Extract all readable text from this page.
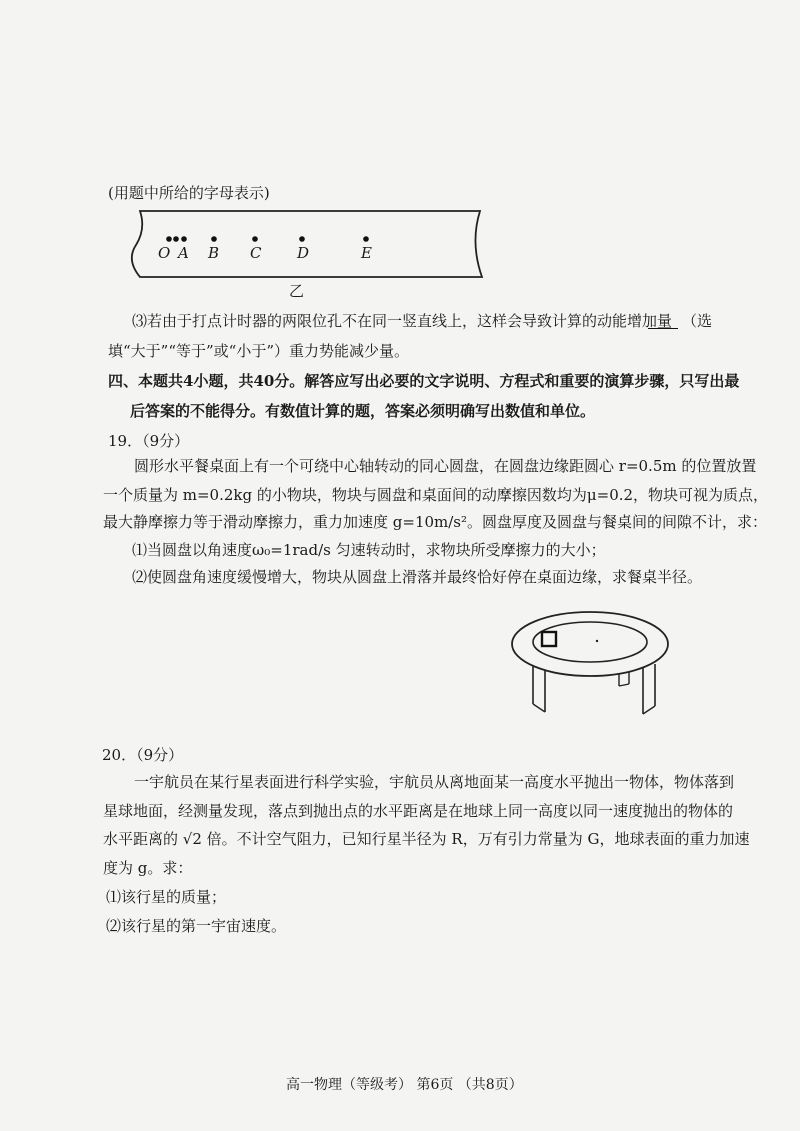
(用题中所给的字母表示)
O A B C D	E
乙
⑶若由于打点计时器的两限位孔不在同一竖直线上，这样会导致计算的动能增加量 （选
填“大于”“等于”或“小于”）重力势能减少量。
四、本题共4小题，共40分。解答应写出必要的文字说明、方程式和重要的演算步骤，只写出最
后答案的不能得分。有数值计算的题，答案必须明确写出数值和单位。
19．（9分）
圆形水平餐桌面上有一个可绕中心轴转动的同心圆盘，在圆盘边缘距圆心 r=0.5m 的位置放置
一个质量为 m=0.2kg 的小物块，物块与圆盘和桌面间的动摩擦因数均为μ=0.2，物块可视为质点，
最大静摩擦力等于滑动摩擦力，重力加速度 g=10m/s²。圆盘厚度及圆盘与餐桌间的间隙不计，求：
⑴当圆盘以角速度ω₀=1rad/s 匀速转动时，求物块所受摩擦力的大小；
⑵使圆盘角速度缓慢增大，物块从圆盘上滑落并最终恰好停在桌面边缘，求餐桌半径。
20．（9分）
一宇航员在某行星表面进行科学实验，宇航员从离地面某一高度水平抛出一物体，物体落到
星球地面，经测量发现，落点到抛出点的水平距离是在地球上同一高度以同一速度抛出的物体的
水平距离的 √2 倍。不计空气阻力，已知行星半径为 R，万有引力常量为 G，地球表面的重力加速
度为 g。求：
⑴该行星的质量；
⑵该行星的第一宇宙速度。
高一物理（等级考） 第6页 （共8页）
